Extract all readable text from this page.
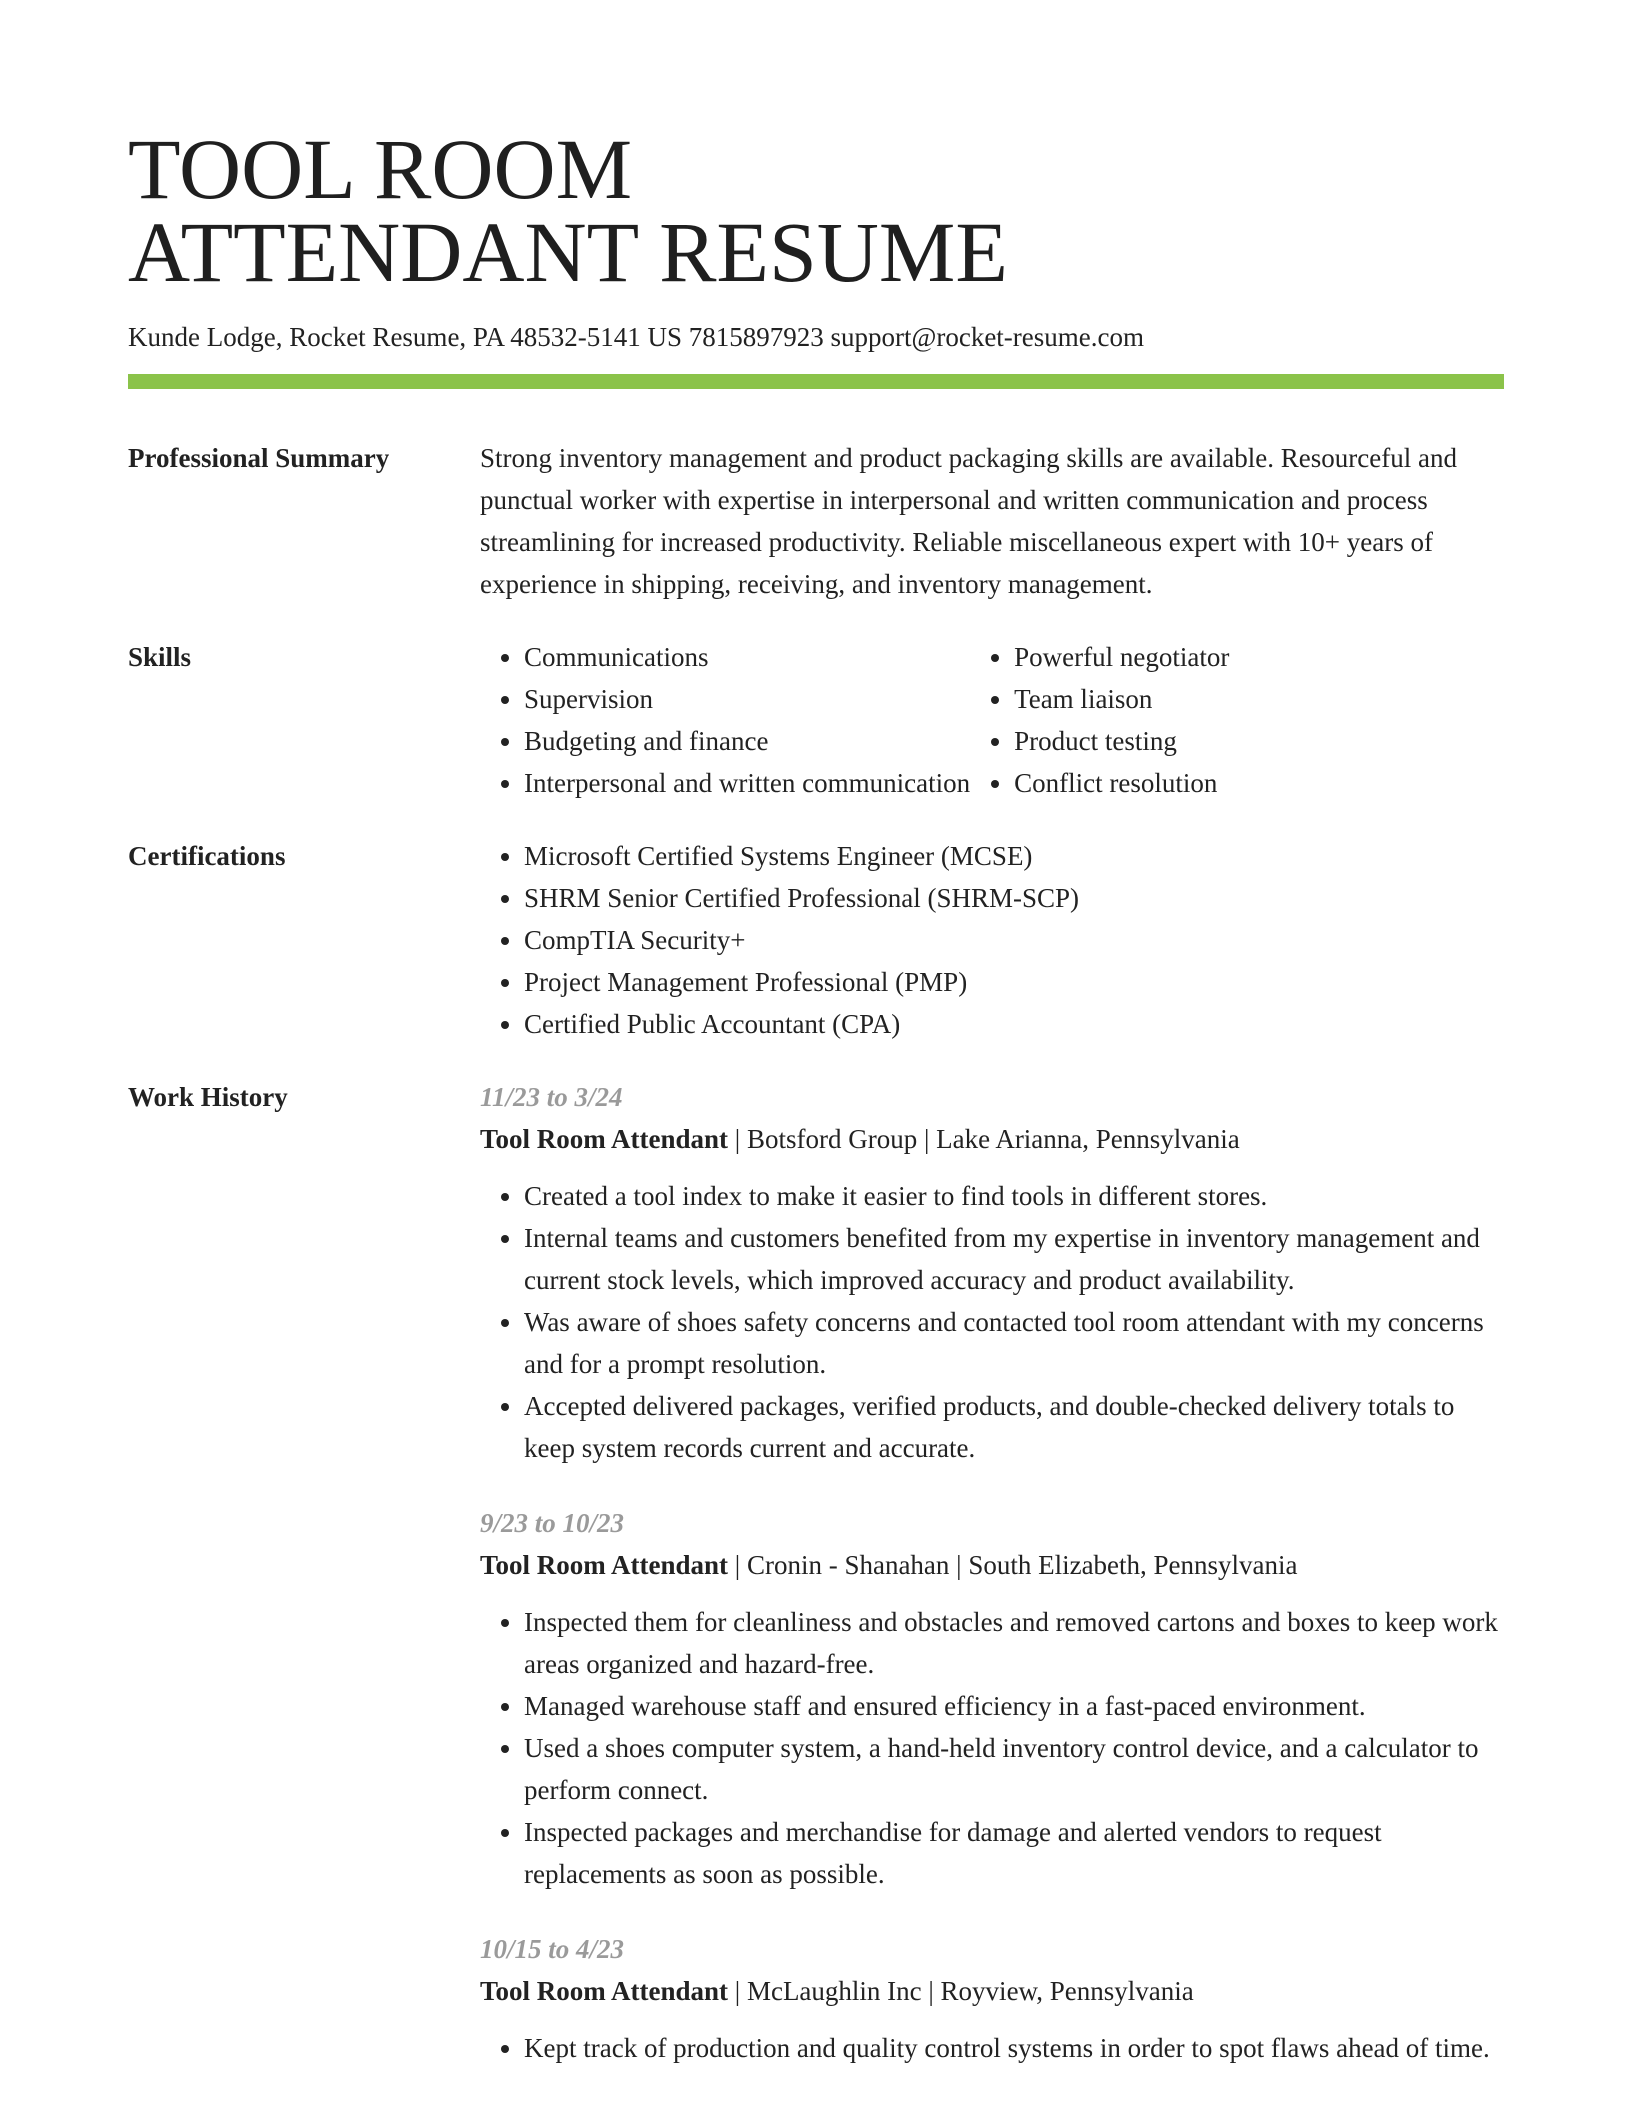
TOOL ROOM
ATTENDANT RESUME
Kunde Lodge, Rocket Resume, PA 48532-5141 US 7815897923 support@rocket-resume.com
Professional Summary	Strong inventory management and product packaging skills are available. Resourceful and punctual worker with expertise in interpersonal and written communication and process streamlining for increased productivity. Reliable miscellaneous expert with 10+ years of experience in shipping, receiving, and inventory management.

Skills	• Communications
• Supervision
• Budgeting and finance
• Interpersonal and written communication
• Powerful negotiator
• Team liaison
• Product testing
• Conflict resolution
Certifications	• Microsoft Certified Systems Engineer (MCSE)
• SHRM Senior Certified Professional (SHRM-SCP)
• CompTIA Security+
• Project Management Professional (PMP)
• Certified Public Accountant (CPA)
Work History	11/23 to 3/24

Tool Room Attendant | Botsford Group | Lake Arianna, Pennsylvania

• Created a tool index to make it easier to find tools in different stores.
• Internal teams and customers benefited from my expertise in inventory management and current stock levels, which improved accuracy and product availability.
• Was aware of shoes safety concerns and contacted tool room attendant with my concerns and for a prompt resolution.
• Accepted delivered packages, verified products, and double-checked delivery totals to keep system records current and accurate.
9/23 to 10/23

Tool Room Attendant | Cronin - Shanahan | South Elizabeth, Pennsylvania

• Inspected them for cleanliness and obstacles and removed cartons and boxes to keep work areas organized and hazard-free.
• Managed warehouse staff and ensured efficiency in a fast-paced environment.
• Used a shoes computer system, a hand-held inventory control device, and a calculator to perform connect.
• Inspected packages and merchandise for damage and alerted vendors to request replacements as soon as possible.
10/15 to 4/23

Tool Room Attendant | McLaughlin Inc | Royview, Pennsylvania

• Kept track of production and quality control systems in order to spot flaws ahead of time.
